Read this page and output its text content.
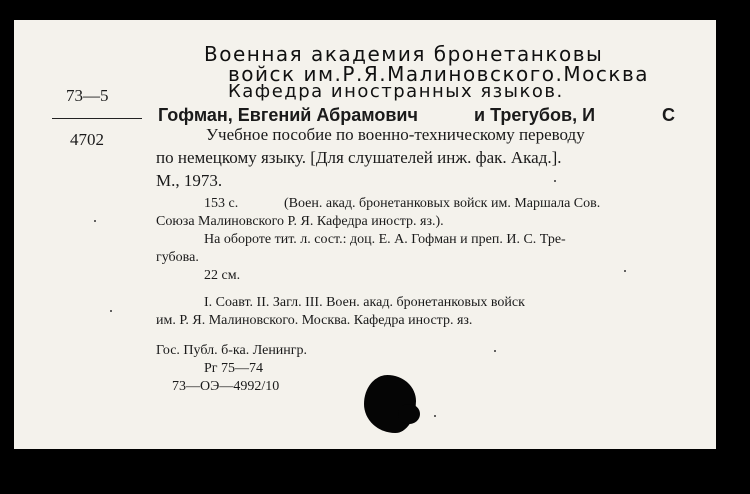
Военная академия бронетанковы
войск им.Р.Я.Малиновского.Москва
Кафедра иностранных языков.
73—5
4702
Гофман, Евгений Абрамович	и Трегубов, И	С
Учебное пособие по военно-техническому переводу
по немецкому языку. [Для слушателей инж. фак. Акад.].
М., 1973.
153 с.	(Воен. акад. бронетанковых войск им. Маршала Сов.
Союза Малиновского Р. Я. Кафедра иностр. яз.).
На обороте тит. л. сост.: доц. Е. А. Гофман и преп. И. С. Тре-
губова.
22 см.
I. Соавт. II. Загл. III. Воен. акад. бронетанковых войск
им. Р. Я. Малиновского. Москва. Кафедра иностр. яз.
Гос. Публ. б-ка. Ленингр.
Рг 75—74
73—ОЭ—4992/10
